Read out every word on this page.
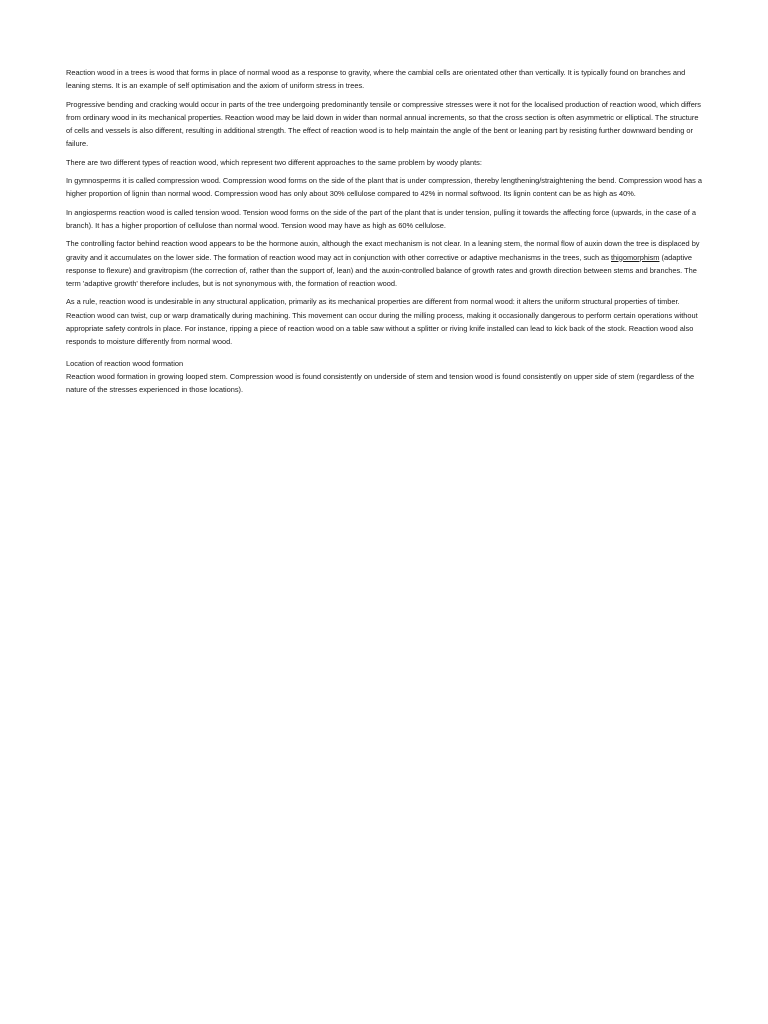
Reaction wood in a trees is wood that forms in place of normal wood as a response to gravity, where the cambial cells are orientated other than vertically. It is typically found on branches and leaning stems. It is an example of self optimisation and the axiom of uniform stress in trees.

Progressive bending and cracking would occur in parts of the tree undergoing predominantly tensile or compressive stresses were it not for the localised production of reaction wood, which differs from ordinary wood in its mechanical properties. Reaction wood may be laid down in wider than normal annual increments, so that the cross section is often asymmetric or elliptical. The structure of cells and vessels is also different, resulting in additional strength. The effect of reaction wood is to help maintain the angle of the bent or leaning part by resisting further downward bending or failure.

There are two different types of reaction wood, which represent two different approaches to the same problem by woody plants:

In gymnosperms it is called compression wood. Compression wood forms on the side of the plant that is under compression, thereby lengthening/straightening the bend. Compression wood has a higher proportion of lignin than normal wood. Compression wood has only about 30% cellulose compared to 42% in normal softwood. Its lignin content can be as high as 40%.

In angiosperms reaction wood is called tension wood. Tension wood forms on the side of the part of the plant that is under tension, pulling it towards the affecting force (upwards, in the case of a branch). It has a higher proportion of cellulose than normal wood. Tension wood may have as high as 60% cellulose.

The controlling factor behind reaction wood appears to be the hormone auxin, although the exact mechanism is not clear. In a leaning stem, the normal flow of auxin down the tree is displaced by gravity and it accumulates on the lower side. The formation of reaction wood may act in conjunction with other corrective or adaptive mechanisms in the trees, such as thigomorphism (adaptive response to flexure) and gravitropism (the correction of, rather than the support of, lean) and the auxin-controlled balance of growth rates and growth direction between stems and branches. The term 'adaptive growth' therefore includes, but is not synonymous with, the formation of reaction wood.

As a rule, reaction wood is undesirable in any structural application, primarily as its mechanical properties are different from normal wood: it alters the uniform structural properties of timber. Reaction wood can twist, cup or warp dramatically during machining. This movement can occur during the milling process, making it occasionally dangerous to perform certain operations without appropriate safety controls in place. For instance, ripping a piece of reaction wood on a table saw without a splitter or riving knife installed can lead to kick back of the stock. Reaction wood also responds to moisture differently from normal wood.

Location of reaction wood formation
Reaction wood formation in growing looped stem. Compression wood is found consistently on underside of stem and tension wood is found consistently on upper side of stem (regardless of the nature of the stresses experienced in those locations).
